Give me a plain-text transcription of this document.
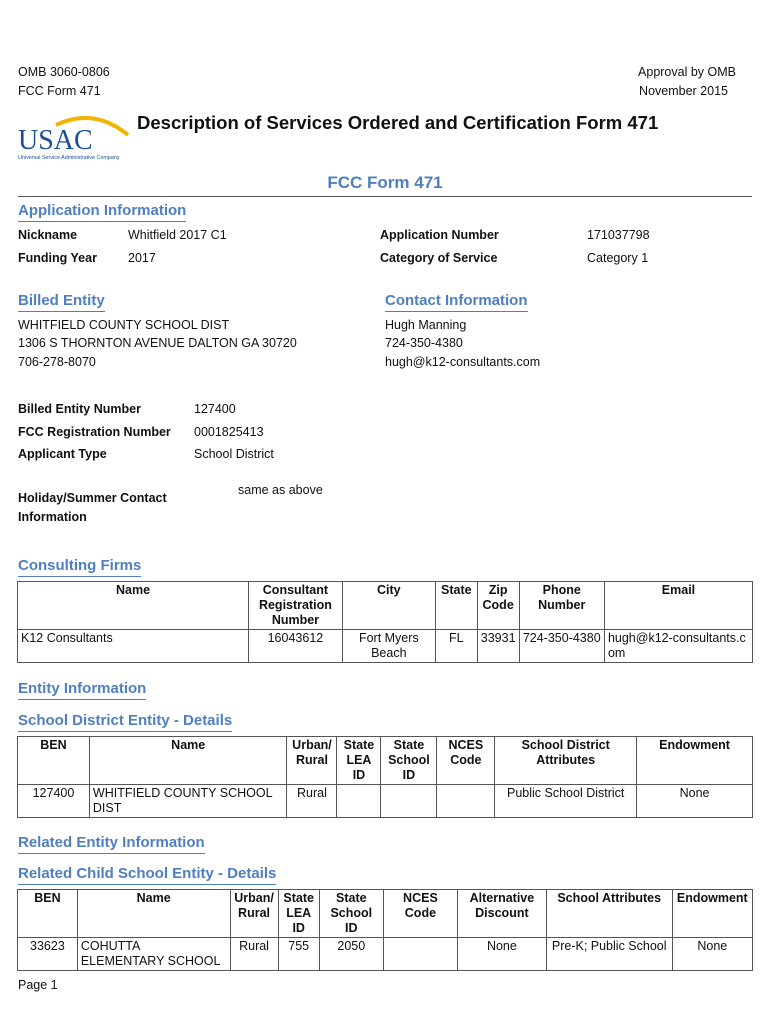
OMB 3060-0806
FCC Form 471
Approval by OMB
November 2015
USAC
Universal Service Administrative Company
Description of Services Ordered and Certification Form 471
FCC Form 471
Application Information
Nickname	Whitfield 2017 C1	Application Number	171037798
Funding Year 2017	Category of Service	Category 1
Billed Entity
WHITFIELD COUNTY SCHOOL DIST
1306 S THORNTON AVENUE DALTON GA 30720
706-278-8070
Contact Information
Hugh Manning
724-350-4380
hugh@k12-consultants.com
Billed Entity Number	127400
FCC Registration Number 0001825413
Applicant Type	School District
Holiday/Summer Contact
Information
same as above
Consulting Firms
Name	Consultant Registration Number	City	State	Zip Code	Phone Number	Email
K12 Consultants	16043612	Fort Myers Beach	FL	33931	724-350-4380	hugh@k12-consultants.com
Entity Information
School District Entity - Details
BEN	Name	Urban/ Rural	State LEA ID	State School ID	NCES Code	School District Attributes	Endowment
127400	WHITFIELD COUNTY SCHOOL DIST	Rural				Public School District	None
Related Entity Information
Related Child School Entity - Details
BEN	Name	Urban/ Rural	State LEA ID	State School ID	NCES Code	Alternative Discount	School Attributes	Endowment
33623	COHUTTA ELEMENTARY SCHOOL	Rural	755	2050		None	Pre-K; Public School	None
Page 1
